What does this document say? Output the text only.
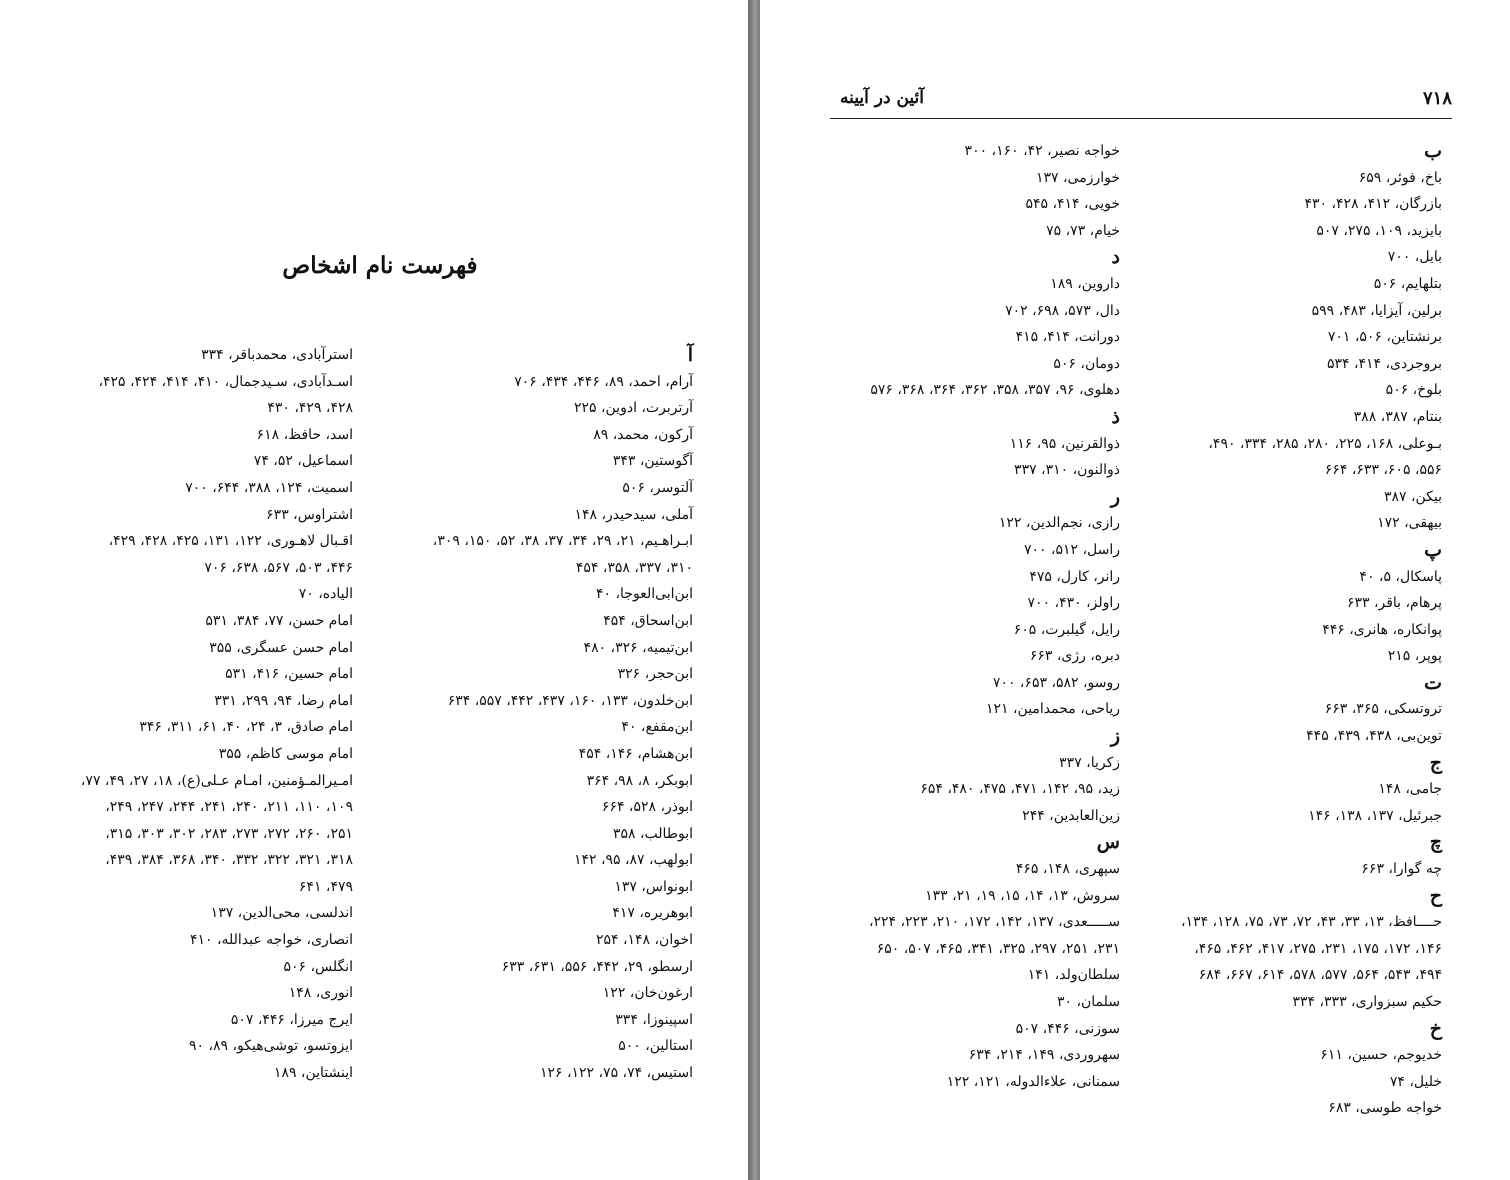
فهرست نام اشخاص
آ
آرام، احمد، ۸۹، ۴۴۶، ۴۳۴، ۷۰۶
آرتربرت، ادوین، ۲۲۵
آرکون، محمد، ۸۹
آگوستین، ۳۴۳
آلتوسر، ۵۰۶
آملی، سیدحیدر، ۱۴۸
ابـراهـیم، ۲۱، ۲۹، ۳۴، ۳۷، ۳۸، ۵۲، ۱۵۰، ۳۰۹،
۳۱۰، ۳۳۷، ۳۵۸، ۴۵۴
ابن‌ابی‌العوجا، ۴۰
ابن‌اسحاق، ۴۵۴
ابن‌تیمیه، ۳۲۶، ۴۸۰
ابن‌حجر، ۳۲۶
ابن‌خلدون، ۱۳۳، ۱۶۰، ۴۳۷، ۴۴۲، ۵۵۷، ۶۳۴
ابن‌مقفع، ۴۰
ابن‌هشام، ۱۴۶، ۴۵۴
ابوبکر، ۸، ۹۸، ۳۶۴
ابوذر، ۵۲۸، ۶۶۴
ابوطالب، ۳۵۸
ابولهب، ۸۷، ۹۵، ۱۴۲
ابونواس، ۱۳۷
ابوهریره، ۴۱۷
اخوان، ۱۴۸، ۲۵۴
ارسطو، ۲۹، ۴۴۲، ۵۵۶، ۶۳۱، ۶۳۳
ارغون‌خان، ۱۲۲
اسپینوزا، ۳۳۴
استالین، ۵۰۰
استیس، ۷۴، ۷۵، ۱۲۲، ۱۲۶
استرآبادی، محمدباقر، ۳۳۴
اسـدآبادی، سـیدجمال، ۴۱۰، ۴۱۴، ۴۲۴، ۴۲۵،
۴۲۸، ۴۲۹، ۴۳۰
اسد، حافظ، ۶۱۸
اسماعیل، ۵۲، ۷۴
اسمیت، ۱۲۴، ۳۸۸، ۶۴۴، ۷۰۰
اشتراوس، ۶۳۳
اقـبال لاهـوری، ۱۲۲، ۱۳۱، ۴۲۵، ۴۲۸، ۴۲۹،
۴۴۶، ۵۰۳، ۵۶۷، ۶۳۸، ۷۰۶
الیاده، ۷۰
امام حسن، ۷۷، ۳۸۴، ۵۳۱
امام حسن عسگری، ۳۵۵
امام حسین، ۴۱۶، ۵۳۱
امام رضا، ۹۴، ۲۹۹، ۳۳۱
امام صادق، ۳، ۲۴، ۴۰، ۶۱، ۳۱۱، ۳۴۶
امام موسی کاظم، ۳۵۵
امـیرالمـؤمنین، امـام عـلی(ع)، ۱۸، ۲۷، ۴۹، ۷۷،
۱۰۹، ۱۱۰، ۲۱۱، ۲۴۰، ۲۴۱، ۲۴۴، ۲۴۷، ۲۴۹،
۲۵۱، ۲۶۰، ۲۷۲، ۲۷۳، ۲۸۳، ۳۰۲، ۳۰۳، ۳۱۵،
۳۱۸، ۳۲۱، ۳۲۲، ۳۳۲، ۳۴۰، ۳۶۸، ۳۸۴، ۴۳۹،
۴۷۹، ۶۴۱
اندلسی، محی‌الدین، ۱۳۷
انصاری، خواجه عبدالله، ۴۱۰
انگلس، ۵۰۶
انوری، ۱۴۸
ایرج میرزا، ۴۴۶، ۵۰۷
ایزوتسو، توشی‌هیکو، ۸۹، ۹۰
اینشتاین، ۱۸۹
۷۱۸
آئین در آیینه
ب
باخ، فوئر، ۶۵۹
بازرگان، ۴۱۲، ۴۲۸، ۴۳۰
بایزید، ۱۰۹، ۲۷۵، ۵۰۷
بایل، ۷۰۰
بتلهایم، ۵۰۶
برلین، آیزایا، ۴۸۳، ۵۹۹
برنشتاین، ۵۰۶، ۷۰۱
بروجردی، ۴۱۴، ۵۳۴
بلوخ، ۵۰۶
بنتام، ۳۸۷، ۳۸۸
بـوعلی، ۱۶۸، ۲۲۵، ۲۸۰، ۲۸۵، ۳۳۴، ۴۹۰،
۵۵۶، ۶۰۵، ۶۳۳، ۶۶۴
بیکن، ۳۸۷
بیهقی، ۱۷۲
پ
پاسکال، ۵، ۴۰
پرهام، باقر، ۶۳۳
پوانکاره، هانری، ۴۴۶
پوپر، ۲۱۵
ت
تروتسکی، ۳۶۵، ۶۶۳
توین‌بی، ۴۳۸، ۴۳۹، ۴۴۵
ج
جامی، ۱۴۸
جبرئیل، ۱۳۷، ۱۳۸، ۱۴۶
چ
چه گوارا، ۶۶۳
ح
حــــافظ، ۱۳، ۳۳، ۴۳، ۷۲، ۷۳، ۷۵، ۱۲۸، ۱۳۴،
۱۴۶، ۱۷۲، ۱۷۵، ۲۳۱، ۲۷۵، ۴۱۷، ۴۶۲، ۴۶۵،
۴۹۴، ۵۴۳، ۵۶۴، ۵۷۷، ۵۷۸، ۶۱۴، ۶۶۷، ۶۸۴
حکیم سبزواری، ۳۳۳، ۳۳۴
خ
خدیوجم، حسین، ۶۱۱
خلیل، ۷۴
خواجه طوسی، ۶۸۳
خواجه نصیر، ۴۲، ۱۶۰، ۳۰۰
خوارزمی، ۱۳۷
خویی، ۴۱۴، ۵۴۵
خیام، ۷۳، ۷۵
د
داروین، ۱۸۹
دال، ۵۷۳، ۶۹۸، ۷۰۲
دورانت، ۴۱۴، ۴۱۵
دومان، ۵۰۶
دهلوی، ۹۶، ۳۵۷، ۳۵۸، ۳۶۲، ۳۶۴، ۳۶۸، ۵۷۶
ذ
ذوالقرنین، ۹۵، ۱۱۶
ذوالنون، ۳۱۰، ۳۳۷
ر
رازی، نجم‌الدین، ۱۲۲
راسل، ۵۱۲، ۷۰۰
رانر، کارل، ۴۷۵
راولز، ۴۳۰، ۷۰۰
رایل، گیلبرت، ۶۰۵
دبره، رژی، ۶۶۳
روسو، ۵۸۲، ۶۵۳، ۷۰۰
ریاحی، محمدامین، ۱۲۱
ز
زکریا، ۳۳۷
زید، ۹۵، ۱۴۲، ۴۷۱، ۴۷۵، ۴۸۰، ۶۵۴
زین‌العابدین، ۲۴۴
س
سپهری، ۱۴۸، ۴۶۵
سروش، ۱۳، ۱۴، ۱۵، ۱۹، ۲۱، ۱۳۳
ســـــعدی، ۱۳۷، ۱۴۲، ۱۷۲، ۲۱۰، ۲۲۳، ۲۲۴،
۲۳۱، ۲۵۱، ۲۹۷، ۳۲۵، ۳۴۱، ۴۶۵، ۵۰۷، ۶۵۰
سلطان‌ولد، ۱۴۱
سلمان، ۳۰
سوزنی، ۴۴۶، ۵۰۷
سهروردی، ۱۴۹، ۲۱۴، ۶۳۴
سمنانی، علاءالدوله، ۱۲۱، ۱۲۲
